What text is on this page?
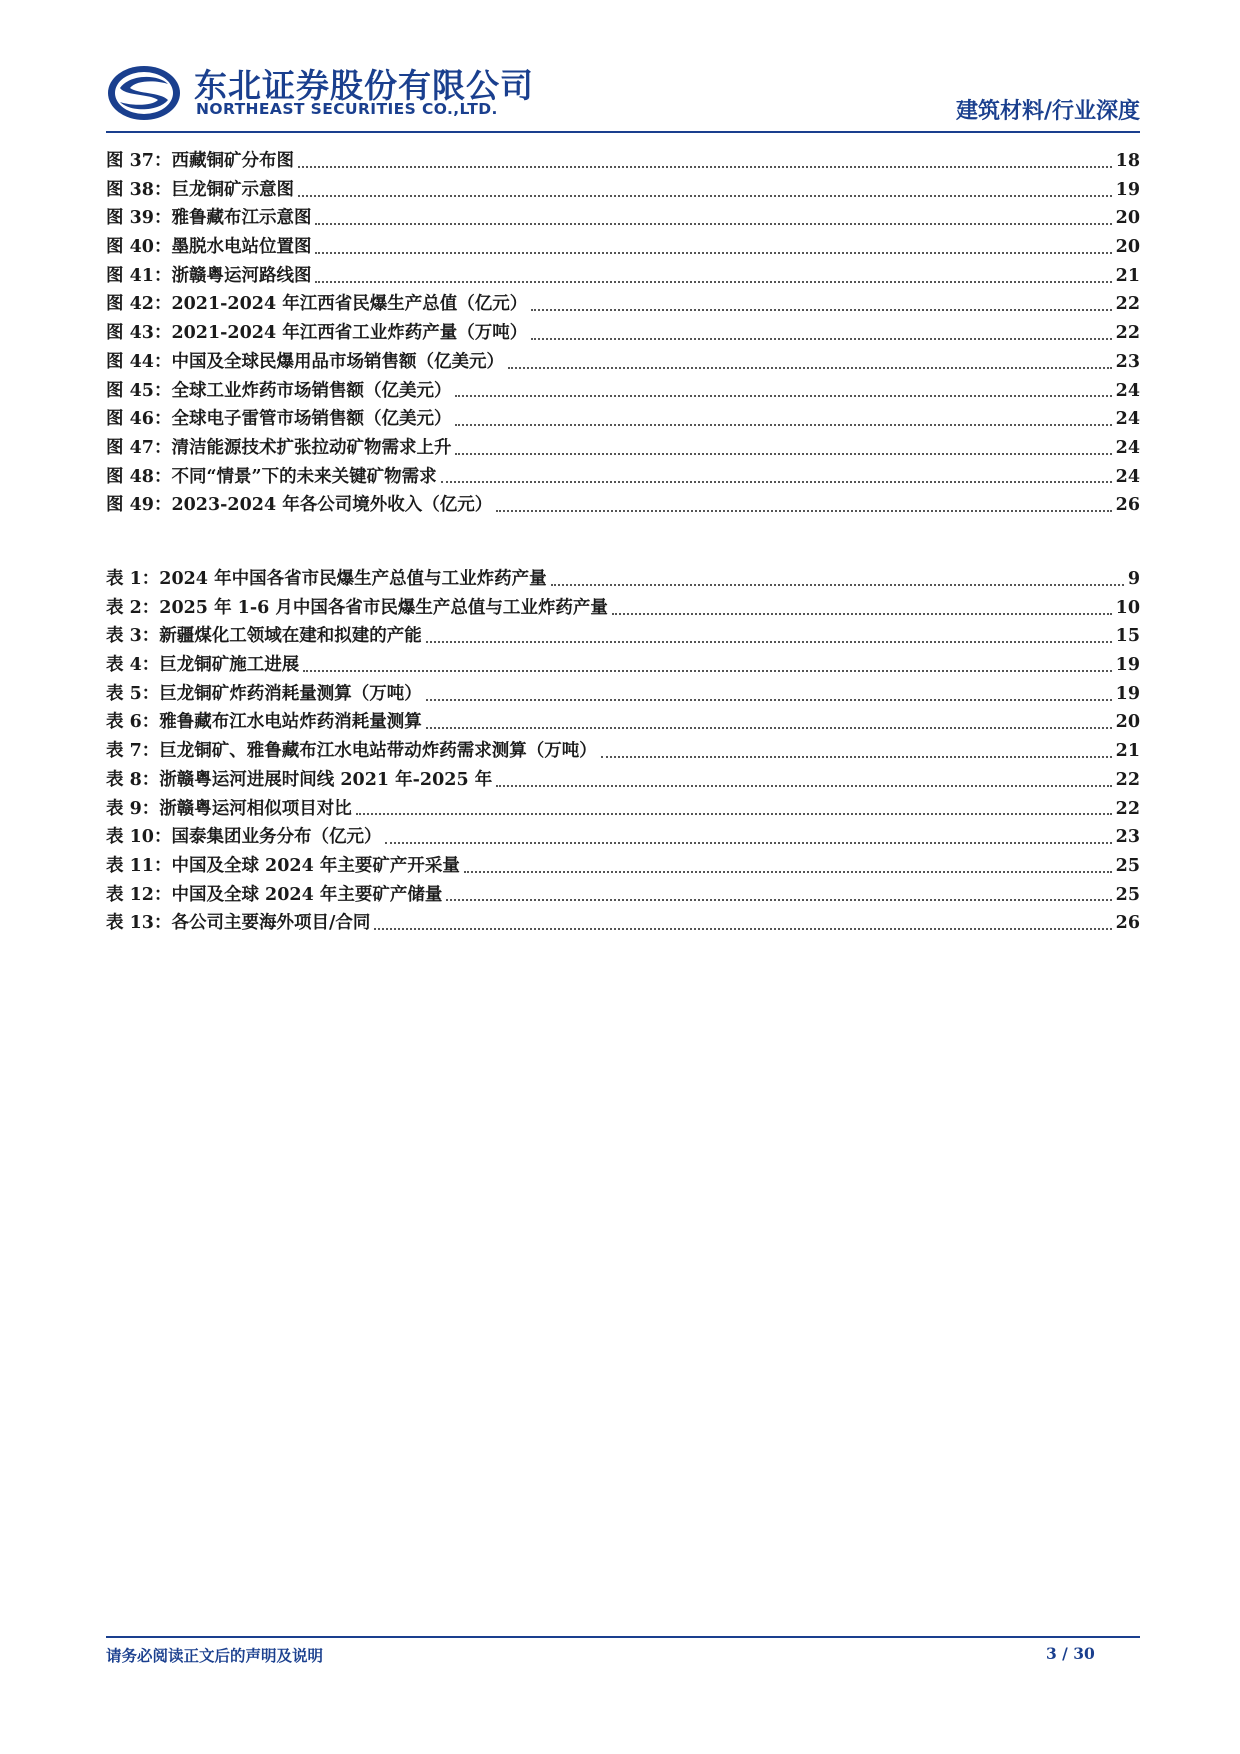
东北证券股份有限公司
NORTHEAST SECURITIES CO.,LTD.	建筑材料/行业深度
图 37：西藏铜矿分布图	18
图 38：巨龙铜矿示意图	19
图 39：雅鲁藏布江示意图	20
图 40：墨脱水电站位置图	20
图 41：浙赣粤运河路线图	21
图 42：2021-2024 年江西省民爆生产总值（亿元）	22
图 43：2021-2024 年江西省工业炸药产量（万吨）	22
图 44：中国及全球民爆用品市场销售额（亿美元）	23
图 45：全球工业炸药市场销售额（亿美元）	24
图 46：全球电子雷管市场销售额（亿美元）	24
图 47：清洁能源技术扩张拉动矿物需求上升	24
图 48：不同“情景”下的未来关键矿物需求	24
图 49：2023-2024 年各公司境外收入（亿元）	26
表 1：2024 年中国各省市民爆生产总值与工业炸药产量	9
表 2：2025 年 1-6 月中国各省市民爆生产总值与工业炸药产量	10
表 3：新疆煤化工领域在建和拟建的产能	15
表 4：巨龙铜矿施工进展	19
表 5：巨龙铜矿炸药消耗量测算（万吨）	19
表 6：雅鲁藏布江水电站炸药消耗量测算	20
表 7：巨龙铜矿、雅鲁藏布江水电站带动炸药需求测算（万吨）	21
表 8：浙赣粤运河进展时间线 2021 年-2025 年	22
表 9：浙赣粤运河相似项目对比	22
表 10：国泰集团业务分布（亿元）	23
表 11：中国及全球 2024 年主要矿产开采量	25
表 12：中国及全球 2024 年主要矿产储量	25
表 13：各公司主要海外项目/合同	26
请务必阅读正文后的声明及说明	3 / 30
